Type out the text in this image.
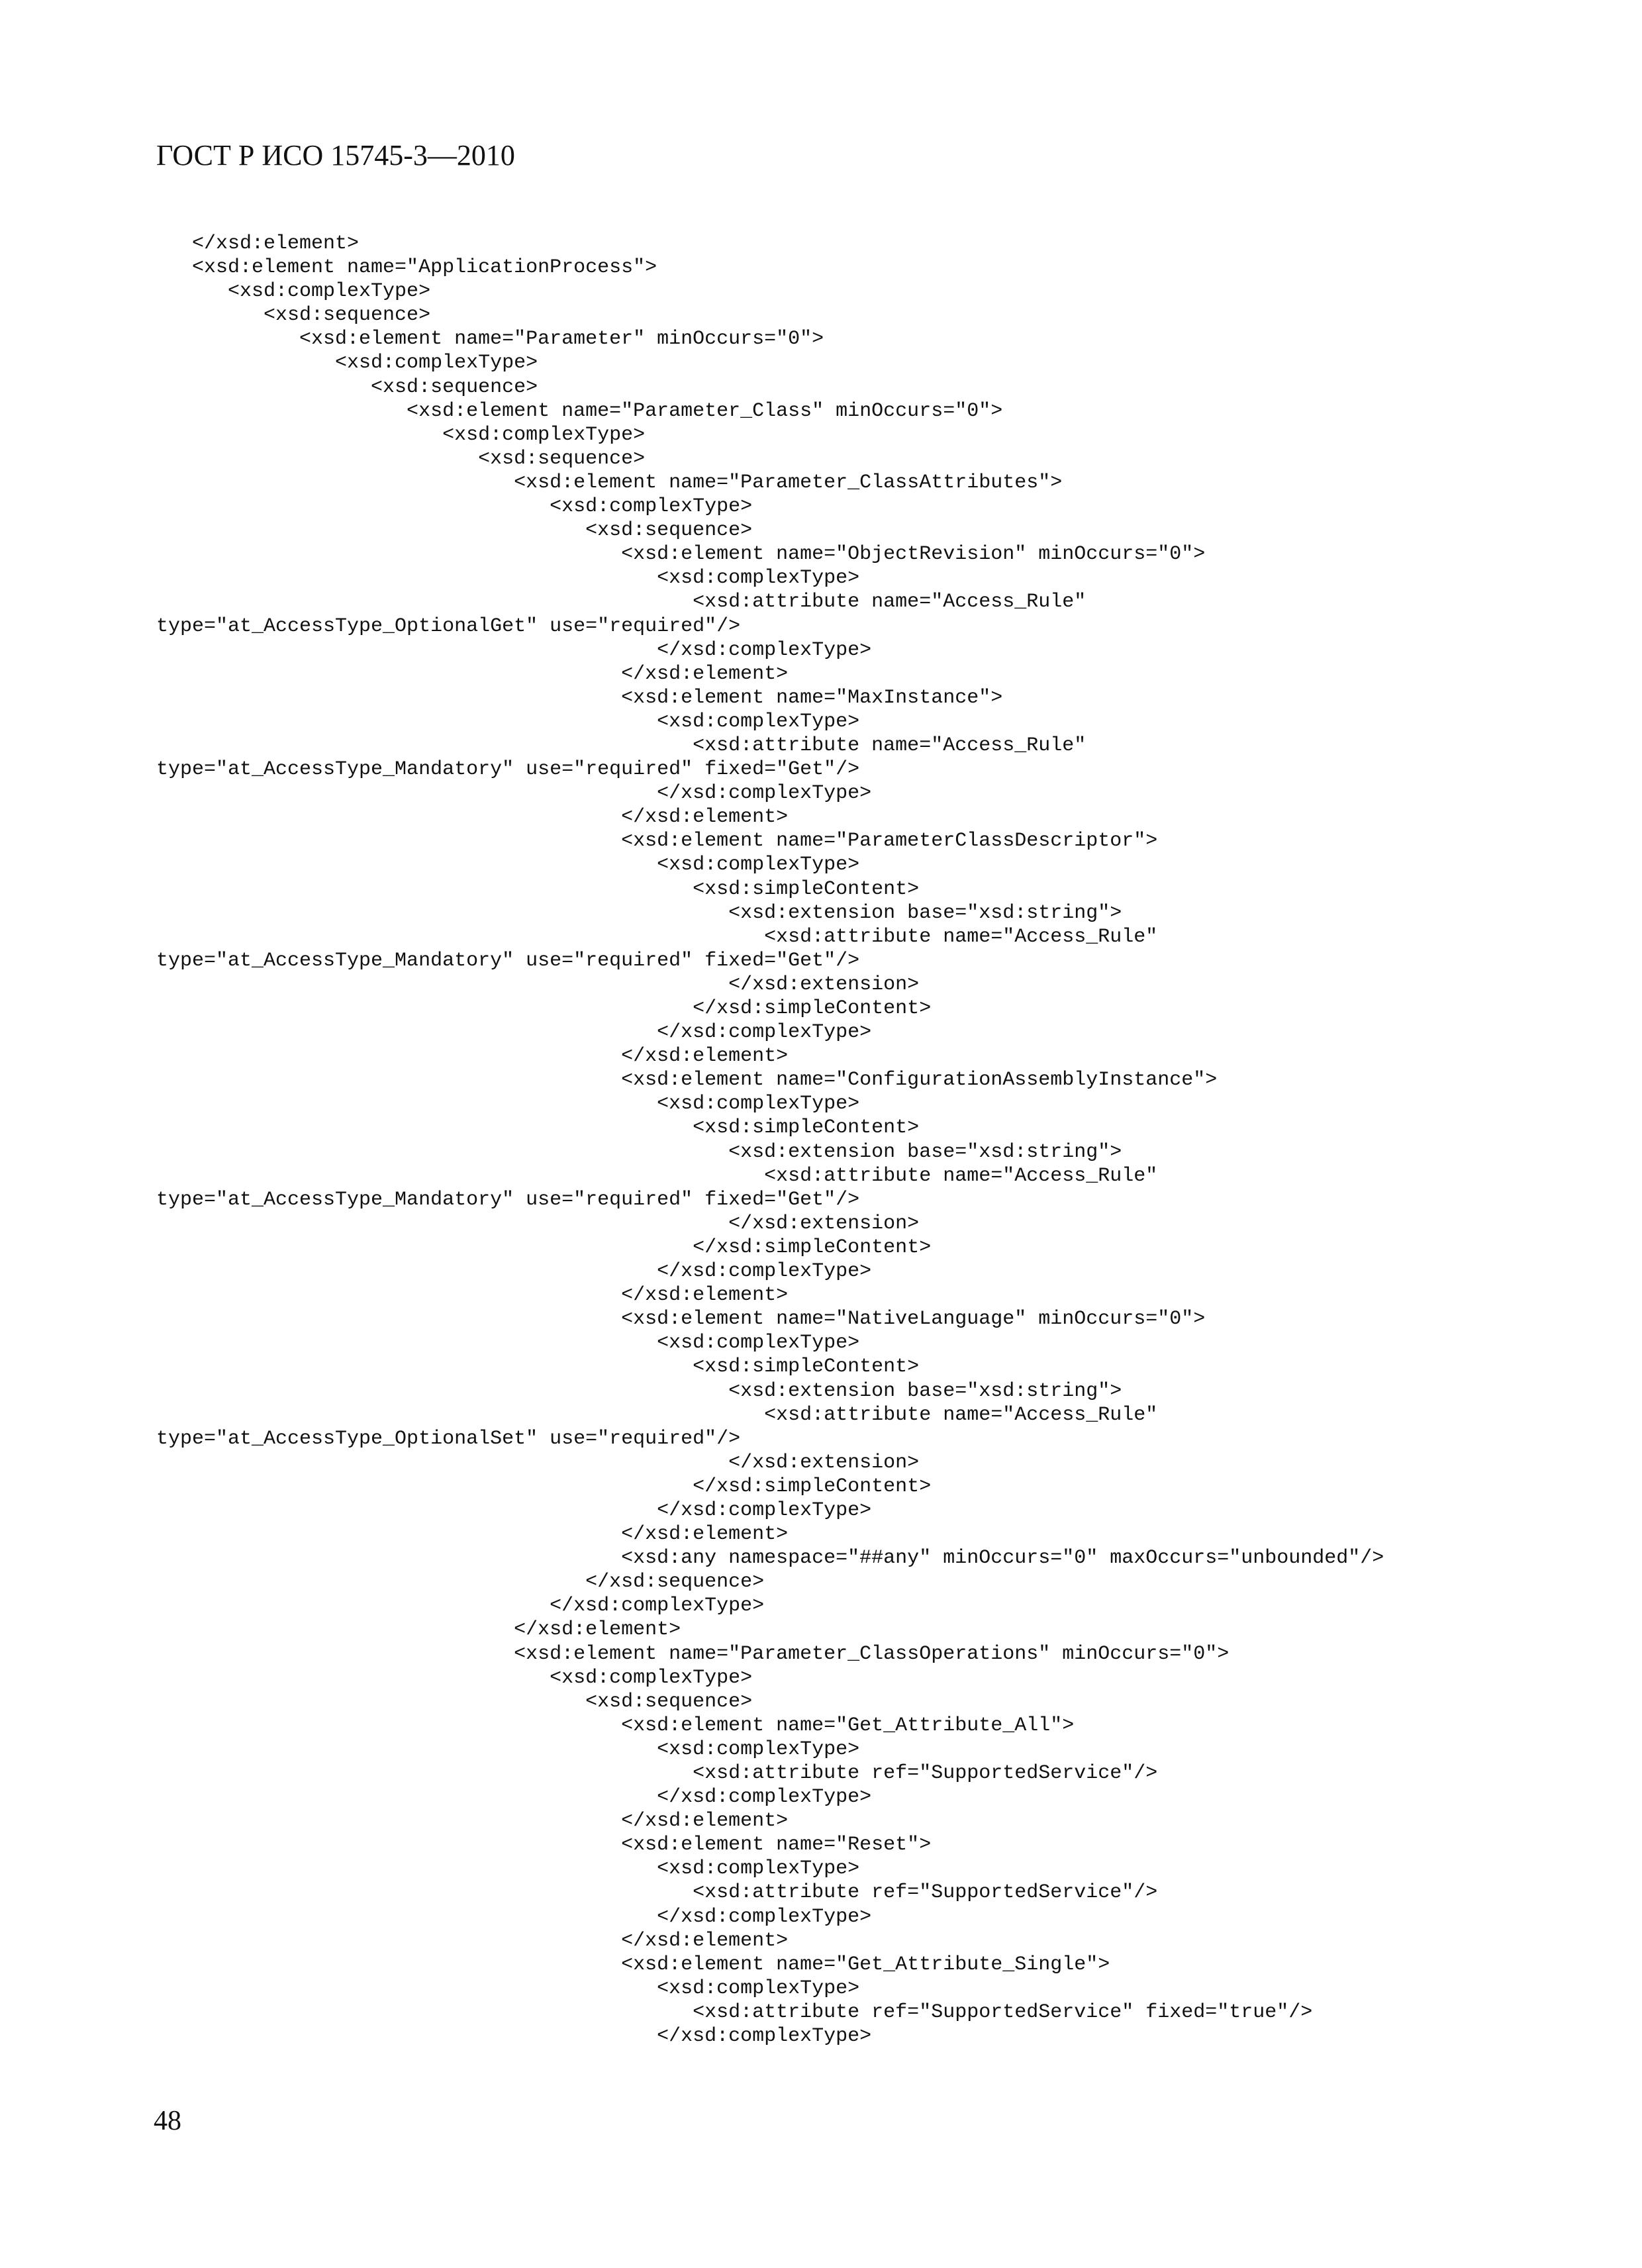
ГОСТ Р ИСО 15745-3—2010
</xsd:element>
<xsd:element name="ApplicationProcess">
<xsd:complexType>
<xsd:sequence>
<xsd:element name="Parameter" minOccurs="0">
<xsd:complexType>
<xsd:sequence>
<xsd:element name="Parameter_Class" minOccurs="0">
<xsd:complexType>
<xsd:sequence>
<xsd:element name="Parameter_ClassAttributes">
<xsd:complexType>
<xsd:sequence>
<xsd:element name="ObjectRevision" minOccurs="0">
<xsd:complexType>
<xsd:attribute name="Access_Rule"
type="at_AccessType_OptionalGet" use="required"/>
</xsd:complexType>
</xsd:element>
<xsd:element name="MaxInstance">
<xsd:complexType>
<xsd:attribute name="Access_Rule"
type="at_AccessType_Mandatory" use="required" fixed="Get"/>
</xsd:complexType>
</xsd:element>
<xsd:element name="ParameterClassDescriptor">
<xsd:complexType>
<xsd:simpleContent>
<xsd:extension base="xsd:string">
<xsd:attribute name="Access_Rule"
type="at_AccessType_Mandatory" use="required" fixed="Get"/>
</xsd:extension>
</xsd:simpleContent>
</xsd:complexType>
</xsd:element>
<xsd:element name="ConfigurationAssemblyInstance">
<xsd:complexType>
<xsd:simpleContent>
<xsd:extension base="xsd:string">
<xsd:attribute name="Access_Rule"
type="at_AccessType_Mandatory" use="required" fixed="Get"/>
</xsd:extension>
</xsd:simpleContent>
</xsd:complexType>
</xsd:element>
<xsd:element name="NativeLanguage" minOccurs="0">
<xsd:complexType>
<xsd:simpleContent>
<xsd:extension base="xsd:string">
<xsd:attribute name="Access_Rule"
type="at_AccessType_OptionalSet" use="required"/>
</xsd:extension>
</xsd:simpleContent>
</xsd:complexType>
</xsd:element>
<xsd:any namespace="##any" minOccurs="0" maxOccurs="unbounded"/>
</xsd:sequence>
</xsd:complexType>
</xsd:element>
<xsd:element name="Parameter_ClassOperations" minOccurs="0">
<xsd:complexType>
<xsd:sequence>
<xsd:element name="Get_Attribute_All">
<xsd:complexType>
<xsd:attribute ref="SupportedService"/>
</xsd:complexType>
</xsd:element>
<xsd:element name="Reset">
<xsd:complexType>
<xsd:attribute ref="SupportedService"/>
</xsd:complexType>
</xsd:element>
<xsd:element name="Get_Attribute_Single">
<xsd:complexType>
<xsd:attribute ref="SupportedService" fixed="true"/>
</xsd:complexType>
48
